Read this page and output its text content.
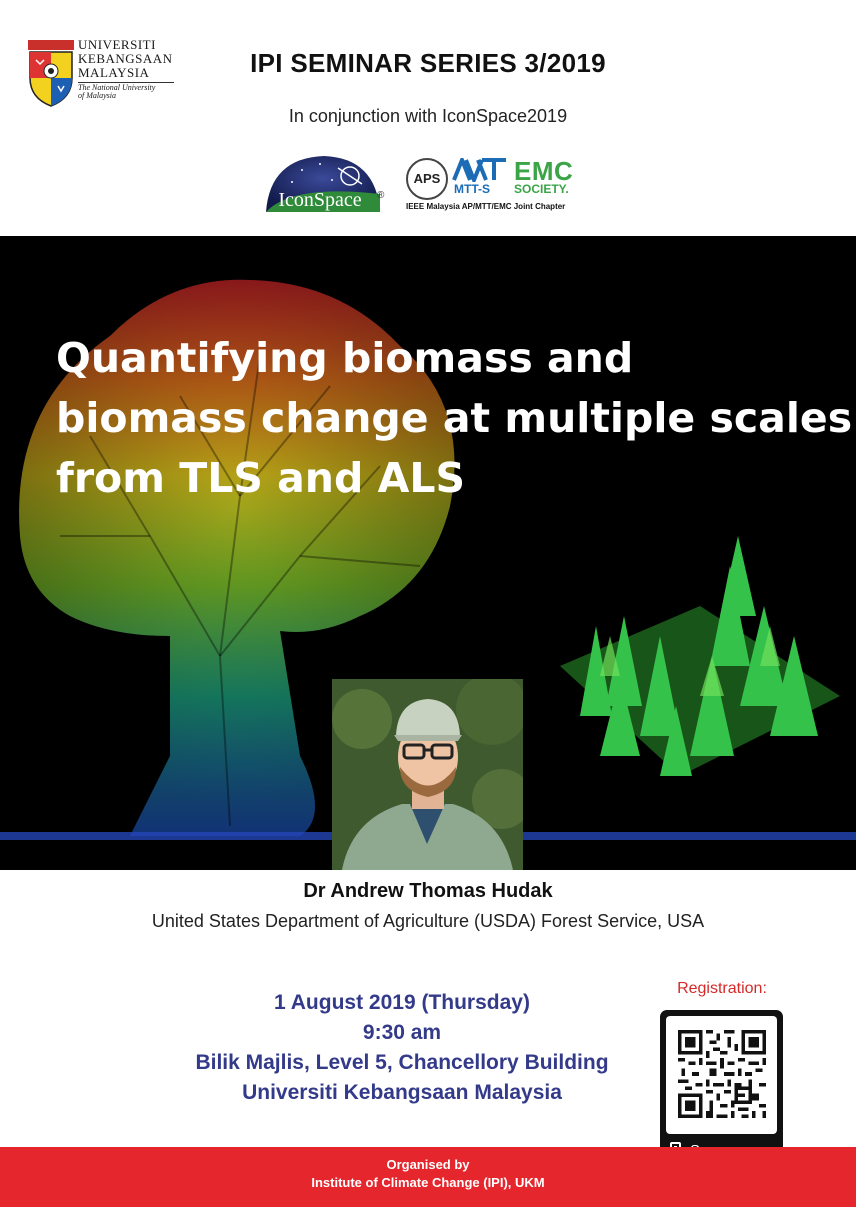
UNIVERSITI
KEBANGSAAN
MALAYSIA
The National University
of Malaysia
IPI SEMINAR SERIES 3/2019
In conjunction with IconSpace2019
IconSpace	®
APS
MTT-S
EMC
SOCIETY.
IEEE Malaysia AP/MTT/EMC Joint Chapter
Quantifying biomass and
biomass change at multiple scales
from TLS and ALS
Dr Andrew Thomas Hudak
United States Department of Agriculture (USDA) Forest Service, USA
1 August 2019 (Thursday)
9:30 am
Bilik Majlis, Level 5, Chancellory Building
Universiti Kebangsaan Malaysia
Registration:
Organised by
Institute of Climate Change (IPI), UKM
